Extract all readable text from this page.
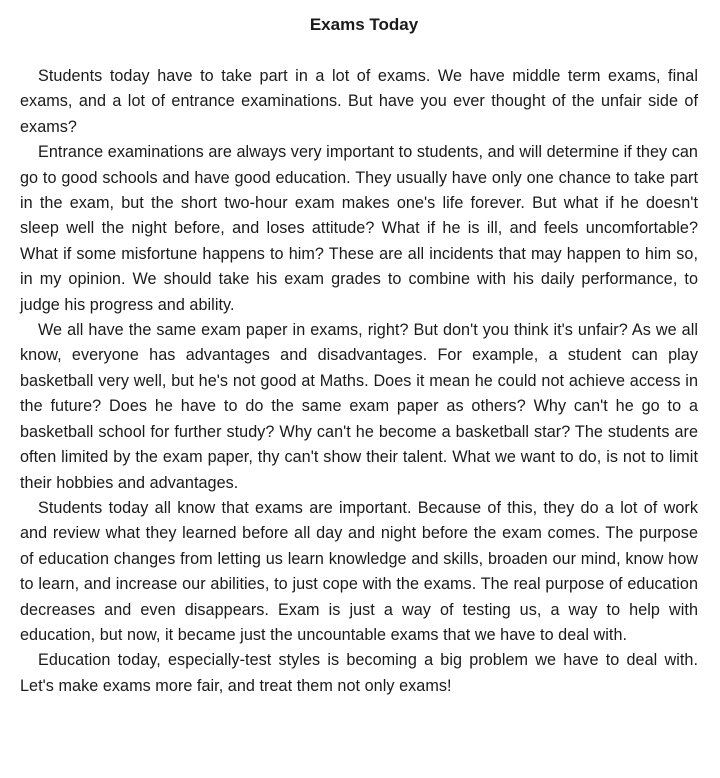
Exams Today

Students today have to take part in a lot of exams. We have middle term exams, final exams, and a lot of entrance examinations. But have you ever thought of the unfair side of exams?

Entrance examinations are always very important to students, and will determine if they can go to good schools and have good education. They usually have only one chance to take part in the exam, but the short two-hour exam makes one's life forever. But what if he doesn't sleep well the night before, and loses attitude? What if he is ill, and feels uncomfortable? What if some misfortune happens to him? These are all incidents that may happen to him so, in my opinion. We should take his exam grades to combine with his daily performance, to judge his progress and ability.

We all have the same exam paper in exams, right? But don't you think it's unfair? As we all know, everyone has advantages and disadvantages. For example, a student can play basketball very well, but he's not good at Maths. Does it mean he could not achieve access in the future? Does he have to do the same exam paper as others? Why can't he go to a basketball school for further study? Why can't he become a basketball star? The students are often limited by the exam paper, thy can't show their talent. What we want to do, is not to limit their hobbies and advantages.

Students today all know that exams are important. Because of this, they do a lot of work and review what they learned before all day and night before the exam comes. The purpose of education changes from letting us learn knowledge and skills, broaden our mind, know how to learn, and increase our abilities, to just cope with the exams. The real purpose of education decreases and even disappears. Exam is just a way of testing us, a way to help with education, but now, it became just the uncountable exams that we have to deal with.

Education today, especially-test styles is becoming a big problem we have to deal with. Let's make exams more fair, and treat them not only exams!
